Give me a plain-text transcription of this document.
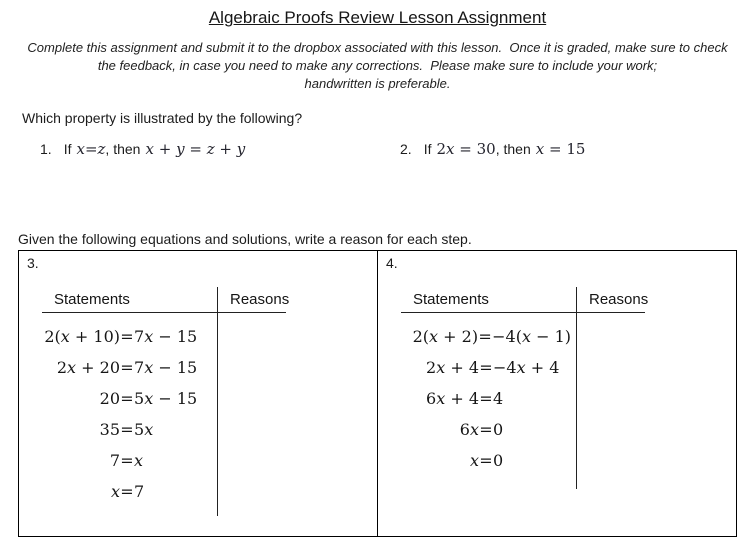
Algebraic Proofs Review Lesson Assignment
Complete this assignment and submit it to the dropbox associated with this lesson.  Once it is graded, make sure to check
the feedback, in case you need to make any corrections.  Please make sure to include your work;
handwritten is preferable.
Which property is illustrated by the following?
1. If x=z , then x + y = z + y	2. If 2x = 30 , then x = 15
Given the following equations and solutions, write a reason for each step.
3.
Statements	Reasons
2(x + 10) = 7x − 15
2x + 20 = 7x − 15
20 = 5x − 15
35 = 5x
7 = x
x = 7
4.
Statements	Reasons
2(x + 2) = −4(x − 1)
2x + 4 = −4x + 4
6x + 4 = 4
6x = 0
x = 0
